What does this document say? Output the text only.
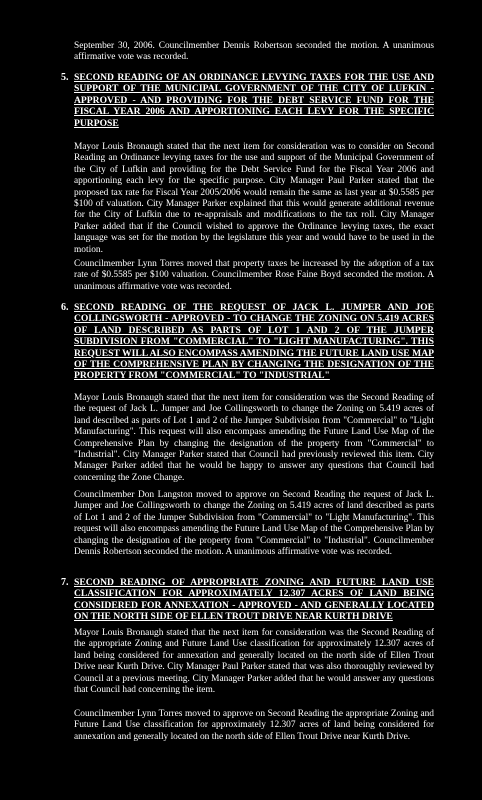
September 30, 2006. Councilmember Dennis Robertson seconded the motion. A unanimous affirmative vote was recorded.

5. SECOND READING OF AN ORDINANCE LEVYING TAXES FOR THE USE AND SUPPORT OF THE MUNICIPAL GOVERNMENT OF THE CITY OF LUFKIN - APPROVED - AND PROVIDING FOR THE DEBT SERVICE FUND FOR THE FISCAL YEAR 2006 AND APPORTIONING EACH LEVY FOR THE SPECIFIC PURPOSE

Mayor Louis Bronaugh stated that the next item for consideration was to consider on Second Reading an Ordinance levying taxes for the use and support of the Municipal Government of the City of Lufkin and providing for the Debt Service Fund for the Fiscal Year 2006 and apportioning each levy for the specific purpose. City Manager Paul Parker stated that the proposed tax rate for Fiscal Year 2005/2006 would remain the same as last year at $0.5585 per $100 of valuation. City Manager Parker explained that this would generate additional revenue for the City of Lufkin due to re-appraisals and modifications to the tax roll. City Manager Parker added that if the Council wished to approve the Ordinance levying taxes, the exact language was set for the motion by the legislature this year and would have to be used in the motion.

Councilmember Lynn Torres moved that property taxes be increased by the adoption of a tax rate of $0.5585 per $100 valuation. Councilmember Rose Faine Boyd seconded the motion. A unanimous affirmative vote was recorded.

6. SECOND READING OF THE REQUEST OF JACK L. JUMPER AND JOE COLLINGSWORTH - APPROVED - TO CHANGE THE ZONING ON 5.419 ACRES OF LAND DESCRIBED AS PARTS OF LOT 1 AND 2 OF THE JUMPER SUBDIVISION FROM "COMMERCIAL" TO "LIGHT MANUFACTURING". THIS REQUEST WILL ALSO ENCOMPASS AMENDING THE FUTURE LAND USE MAP OF THE COMPREHENSIVE PLAN BY CHANGING THE DESIGNATION OF THE PROPERTY FROM "COMMERCIAL" TO "INDUSTRIAL"

Mayor Louis Bronaugh stated that the next item for consideration was the Second Reading of the request of Jack L. Jumper and Joe Collingsworth to change the Zoning on 5.419 acres of land described as parts of Lot 1 and 2 of the Jumper Subdivision from "Commercial" to "Light Manufacturing". This request will also encompass amending the Future Land Use Map of the Comprehensive Plan by changing the designation of the property from "Commercial" to "Industrial". City Manager Parker stated that Council had previously reviewed this item. City Manager Parker added that he would be happy to answer any questions that Council had concerning the Zone Change.

Councilmember Don Langston moved to approve on Second Reading the request of Jack L. Jumper and Joe Collingsworth to change the Zoning on 5.419 acres of land described as parts of Lot 1 and 2 of the Jumper Subdivision from "Commercial" to "Light Manufacturing". This request will also encompass amending the Future Land Use Map of the Comprehensive Plan by changing the designation of the property from "Commercial" to "Industrial". Councilmember Dennis Robertson seconded the motion. A unanimous affirmative vote was recorded.

7. SECOND READING OF APPROPRIATE ZONING AND FUTURE LAND USE CLASSIFICATION FOR APPROXIMATELY 12.307 ACRES OF LAND BEING CONSIDERED FOR ANNEXATION - APPROVED - AND GENERALLY LOCATED ON THE NORTH SIDE OF ELLEN TROUT DRIVE NEAR KURTH DRIVE

Mayor Louis Bronaugh stated that the next item for consideration was the Second Reading of the appropriate Zoning and Future Land Use classification for approximately 12.307 acres of land being considered for annexation and generally located on the north side of Ellen Trout Drive near Kurth Drive. City Manager Paul Parker stated that was also thoroughly reviewed by Council at a previous meeting. City Manager Parker added that he would answer any questions that Council had concerning the item.

Councilmember Lynn Torres moved to approve on Second Reading the appropriate Zoning and Future Land Use classification for approximately 12.307 acres of land being considered for annexation and generally located on the north side of Ellen Trout Drive near Kurth Drive.
